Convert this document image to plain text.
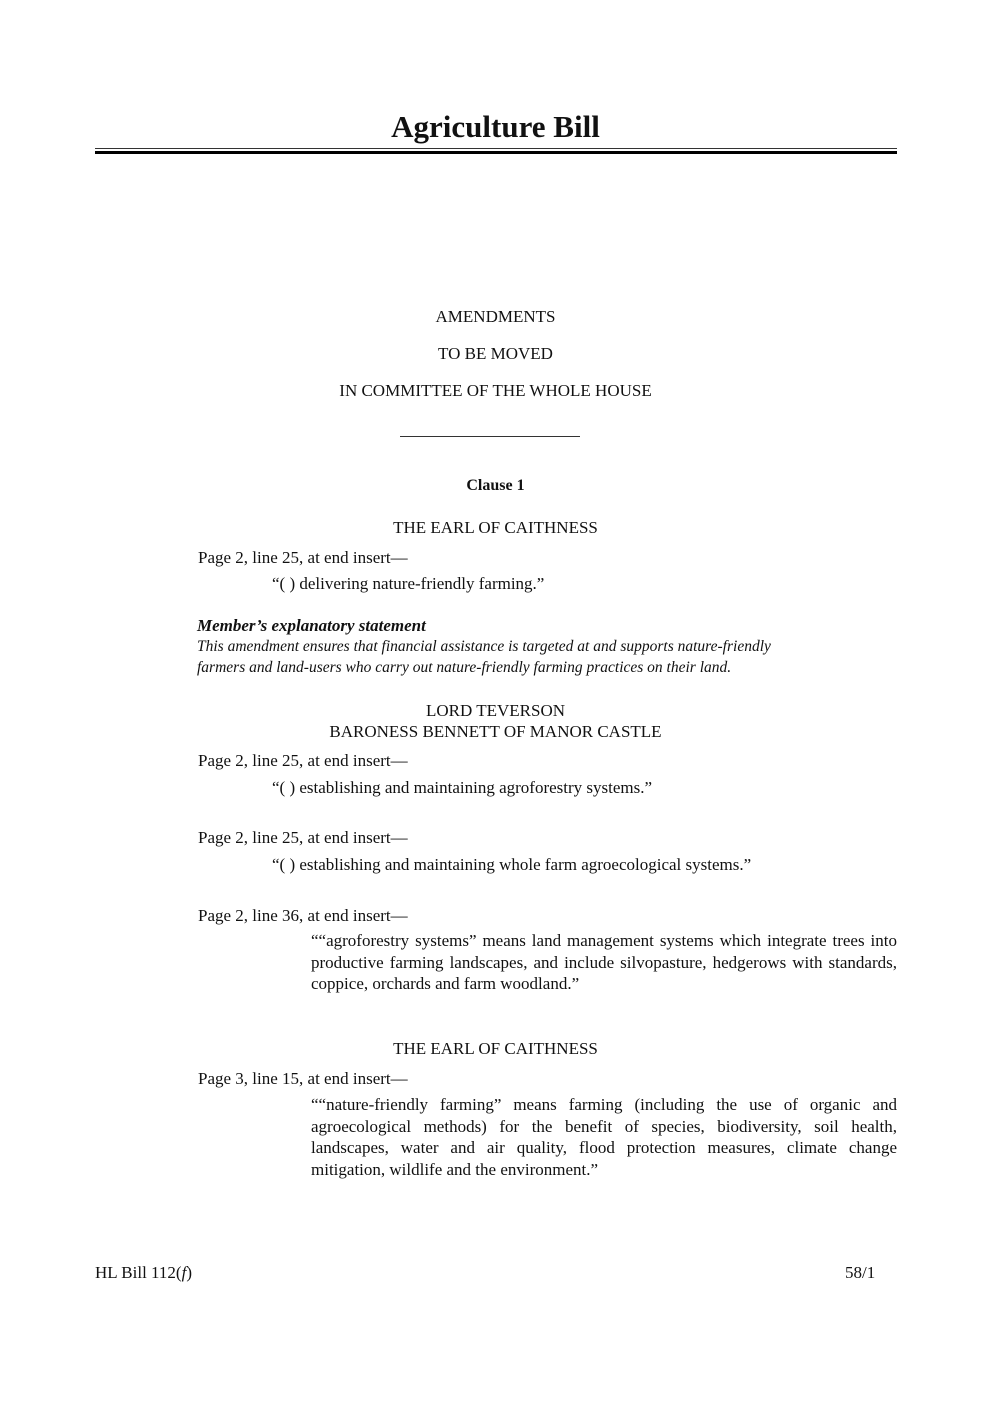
Agriculture Bill
AMENDMENTS
TO BE MOVED
IN COMMITTEE OF THE WHOLE HOUSE
Clause 1
THE EARL OF CAITHNESS
Page 2, line 25, at end insert—
“( ) delivering nature-friendly farming.”
Member’s explanatory statement
This amendment ensures that financial assistance is targeted at and supports nature-friendly
farmers and land-users who carry out nature-friendly farming practices on their land.
LORD TEVERSON
BARONESS BENNETT OF MANOR CASTLE
Page 2, line 25, at end insert—
“( ) establishing and maintaining agroforestry systems.”
Page 2, line 25, at end insert—
“( ) establishing and maintaining whole farm agroecological systems.”
Page 2, line 36, at end insert—
““agroforestry systems” means land management systems which integrate trees into productive farming landscapes, and include silvopasture, hedgerows with standards, coppice, orchards and farm woodland.”
THE EARL OF CAITHNESS
Page 3, line 15, at end insert—
““nature-friendly farming” means farming (including the use of organic and agroecological methods) for the benefit of species, biodiversity, soil health, landscapes, water and air quality, flood protection measures, climate change mitigation, wildlife and the environment.”
HL Bill 112(f)	58/1
